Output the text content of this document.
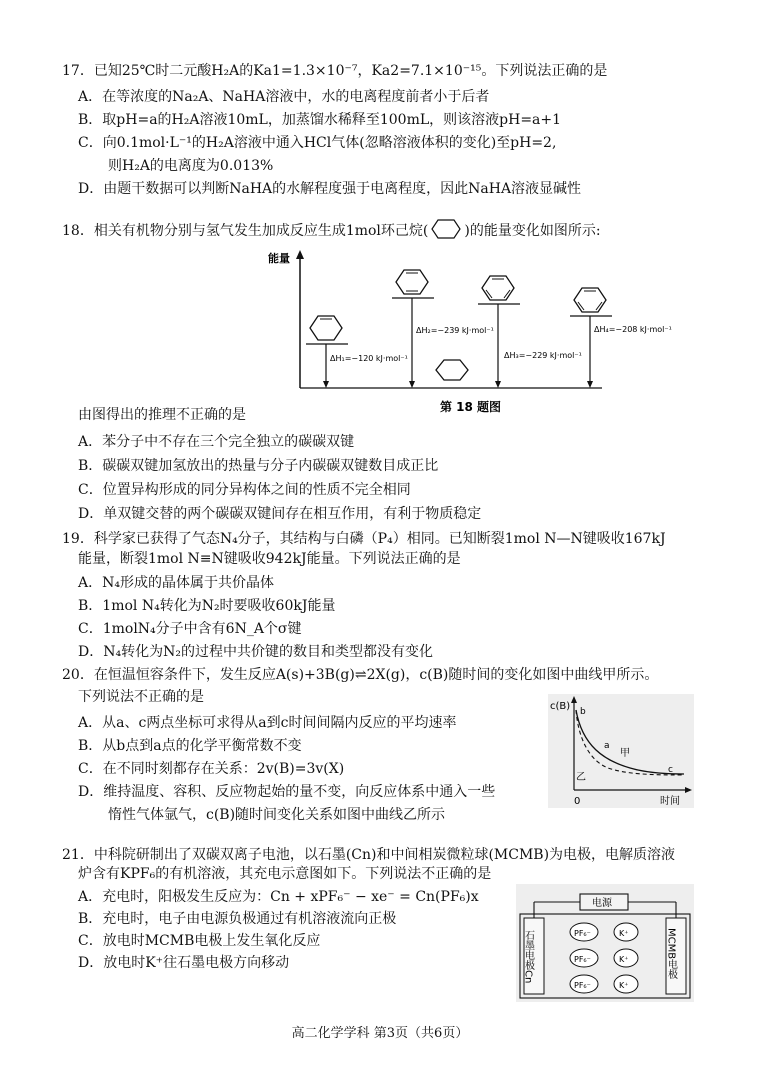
17．已知25℃时二元酸H₂A的Ka1=1.3×10⁻⁷，Ka2=7.1×10⁻¹⁵。下列说法正确的是
A．在等浓度的Na₂A、NaHA溶液中，水的电离程度前者小于后者
B．取pH=a的H₂A溶液10mL，加蒸馏水稀释至100mL，则该溶液pH=a+1
C．向0.1mol·L⁻¹的H₂A溶液中通入HCl气体(忽略溶液体积的变化)至pH=2,
则H₂A的电离度为0.013%
D．由题干数据可以判断NaHA的水解程度强于电离程度，因此NaHA溶液显碱性
18．相关有机物分别与氢气发生加成反应生成1mol环己烷(	)的能量变化如图所示:
能量
ΔH₁=−120 kJ·mol⁻¹
ΔH₂=−239 kJ·mol⁻¹
ΔH₃=−229 kJ·mol⁻¹
ΔH₄=−208 kJ·mol⁻¹
第 18 题图
由图得出的推理不正确的是
A．苯分子中不存在三个完全独立的碳碳双键
B．碳碳双键加氢放出的热量与分子内碳碳双键数目成正比
C．位置异构形成的同分异构体之间的性质不完全相同
D．单双键交替的两个碳碳双键间存在相互作用，有利于物质稳定
19．科学家已获得了气态N₄分子，其结构与白磷（P₄）相同。已知断裂1mol N—N键吸收167kJ
能量，断裂1mol N≡N键吸收942kJ能量。下列说法正确的是
A．N₄形成的晶体属于共价晶体
B．1mol N₄转化为N₂时要吸收60kJ能量
C．1molN₄分子中含有6N_A个σ键
D．N₄转化为N₂的过程中共价键的数目和类型都没有变化
20．在恒温恒容条件下，发生反应A(s)+3B(g)⇌2X(g)，c(B)随时间的变化如图中曲线甲所示。
下列说法不正确的是
A．从a、c两点坐标可求得从a到c时间间隔内反应的平均速率
B．从b点到a点的化学平衡常数不变
C．在不同时刻都存在关系：2v(B)=3v(X)
D．维持温度、容积、反应物起始的量不变，向反应体系中通入一些
惰性气体氩气，c(B)随时间变化关系如图中曲线乙所示
c(B)
0	时间
b
a
c
甲
乙
21．中科院研制出了双碳双离子电池，以石墨(Cn)和中间相炭微粒球(MCMB)为电极，电解质溶液
炉含有KPF₆的有机溶液，其充电示意图如下。下列说法不正确的是
A．充电时，阳极发生反应为：Cn + xPF₆⁻ − xe⁻ = Cn(PF₆)x
B．充电时，电子由电源负极通过有机溶液流向正极
C．放电时MCMB电极上发生氧化反应
D．放电时K⁺往石墨电极方向移动
电源
石墨电极Cn	MCMB电极
PF₆⁻	K⁺
PF₆⁻	K⁺
PF₆⁻	K⁺
高二化学学科 第3页（共6页）
